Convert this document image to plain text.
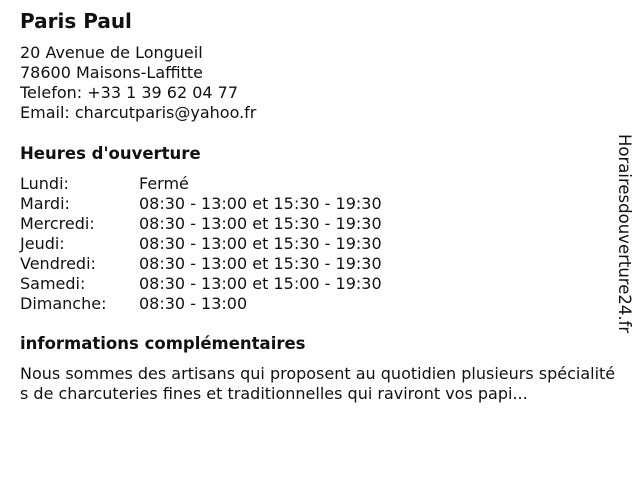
Paris Paul
20 Avenue de Longueil
78600 Maisons-Laffitte
Telefon: +33 1 39 62 04 77
Email: charcutparis@yahoo.fr
Heures d'ouverture
Lundi:	Fermé
Mardi:	08:30 - 13:00 et 15:30 - 19:30
Mercredi:	08:30 - 13:00 et 15:30 - 19:30
Jeudi:	08:30 - 13:00 et 15:30 - 19:30
Vendredi:	08:30 - 13:00 et 15:30 - 19:30
Samedi:	08:30 - 13:00 et 15:00 - 19:30
Dimanche: 08:30 - 13:00
informations complémentaires
Nous sommes des artisans qui proposent au quotidien plusieurs spécialités de charcuteries fines et traditionnelles qui raviront vos papi...
Horairesdouverture24.fr
